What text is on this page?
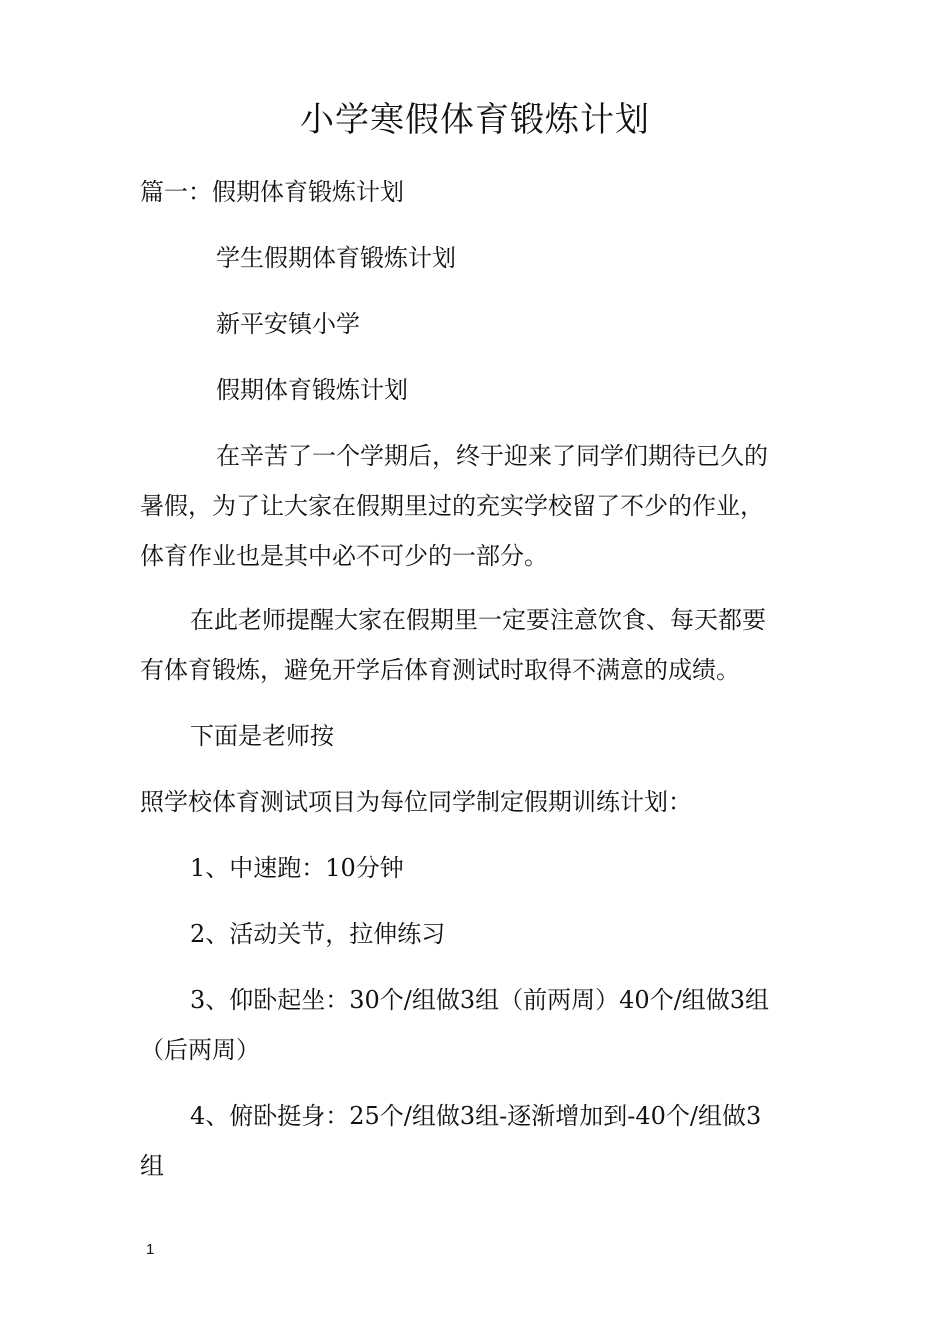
小学寒假体育锻炼计划
篇一：假期体育锻炼计划
学生假期体育锻炼计划
新平安镇小学
假期体育锻炼计划
在辛苦了一个学期后，终于迎来了同学们期待已久的
暑假，为了让大家在假期里过的充实学校留了不少的作业，
体育作业也是其中必不可少的一部分。
在此老师提醒大家在假期里一定要注意饮食、每天都要
有体育锻炼，避免开学后体育测试时取得不满意的成绩。
下面是老师按
照学校体育测试项目为每位同学制定假期训练计划：
1、中速跑：10分钟
2、活动关节，拉伸练习
3、仰卧起坐：30个/组做3组（前两周）40个/组做3组
（后两周）
4、俯卧挺身：25个/组做3组-逐渐增加到-40个/组做3
组
1
